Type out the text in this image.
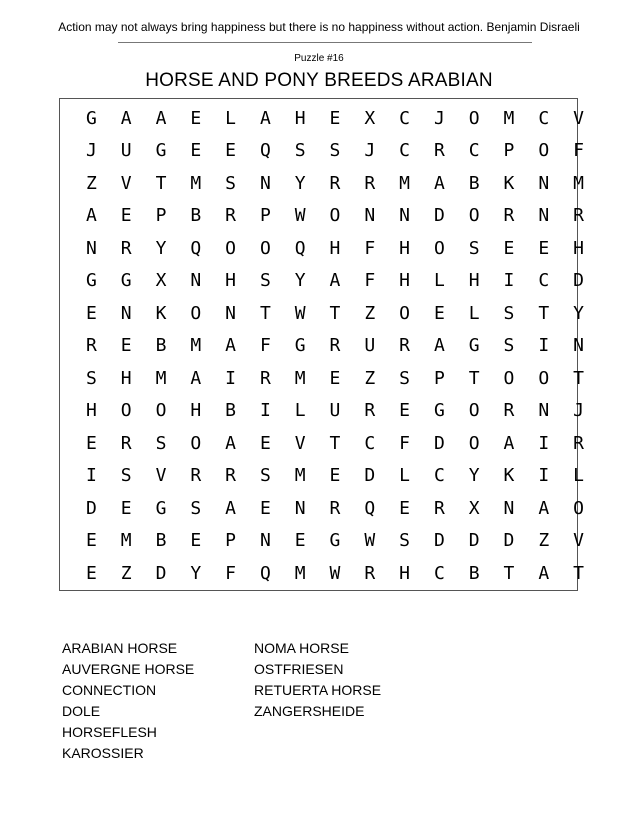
Action may not always bring happiness but there is no happiness without action. Benjamin Disraeli
Puzzle #16
HORSE AND PONY BREEDS ARABIAN
G	A	A	E	L	A	H	E	X	C	J	O	M	C	V
J	U	G	E	E	Q	S	S	J	C	R	C	P	O	F
Z	V	T	M	S	N	Y	R	R	M	A	B	K	N	M
A	E	P	B	R	P	W	O	N	N	D	O	R	N	R
N	R	Y	Q	O	O	Q	H	F	H	O	S	E	E	H
G	G	X	N	H	S	Y	A	F	H	L	H	I	C	D
E	N	K	O	N	T	W	T	Z	O	E	L	S	T	Y
R	E	B	M	A	F	G	R	U	R	A	G	S	I	N
S	H	M	A	I	R	M	E	Z	S	P	T	O	O	T
H	O	O	H	B	I	L	U	R	E	G	O	R	N	J
E	R	S	O	A	E	V	T	C	F	D	O	A	I	R
I	S	V	R	R	S	M	E	D	L	C	Y	K	I	L
D	E	G	S	A	E	N	R	Q	E	R	X	N	A	O
E	M	B	E	P	N	E	G	W	S	D	D	D	Z	V
E	Z	D	Y	F	Q	M	W	R	H	C	B	T	A	T
ARABIAN HORSE
AUVERGNE HORSE
CONNECTION
DOLE
HORSEFLESH
KAROSSIER
NOMA HORSE
OSTFRIESEN
RETUERTA HORSE
ZANGERSHEIDE
